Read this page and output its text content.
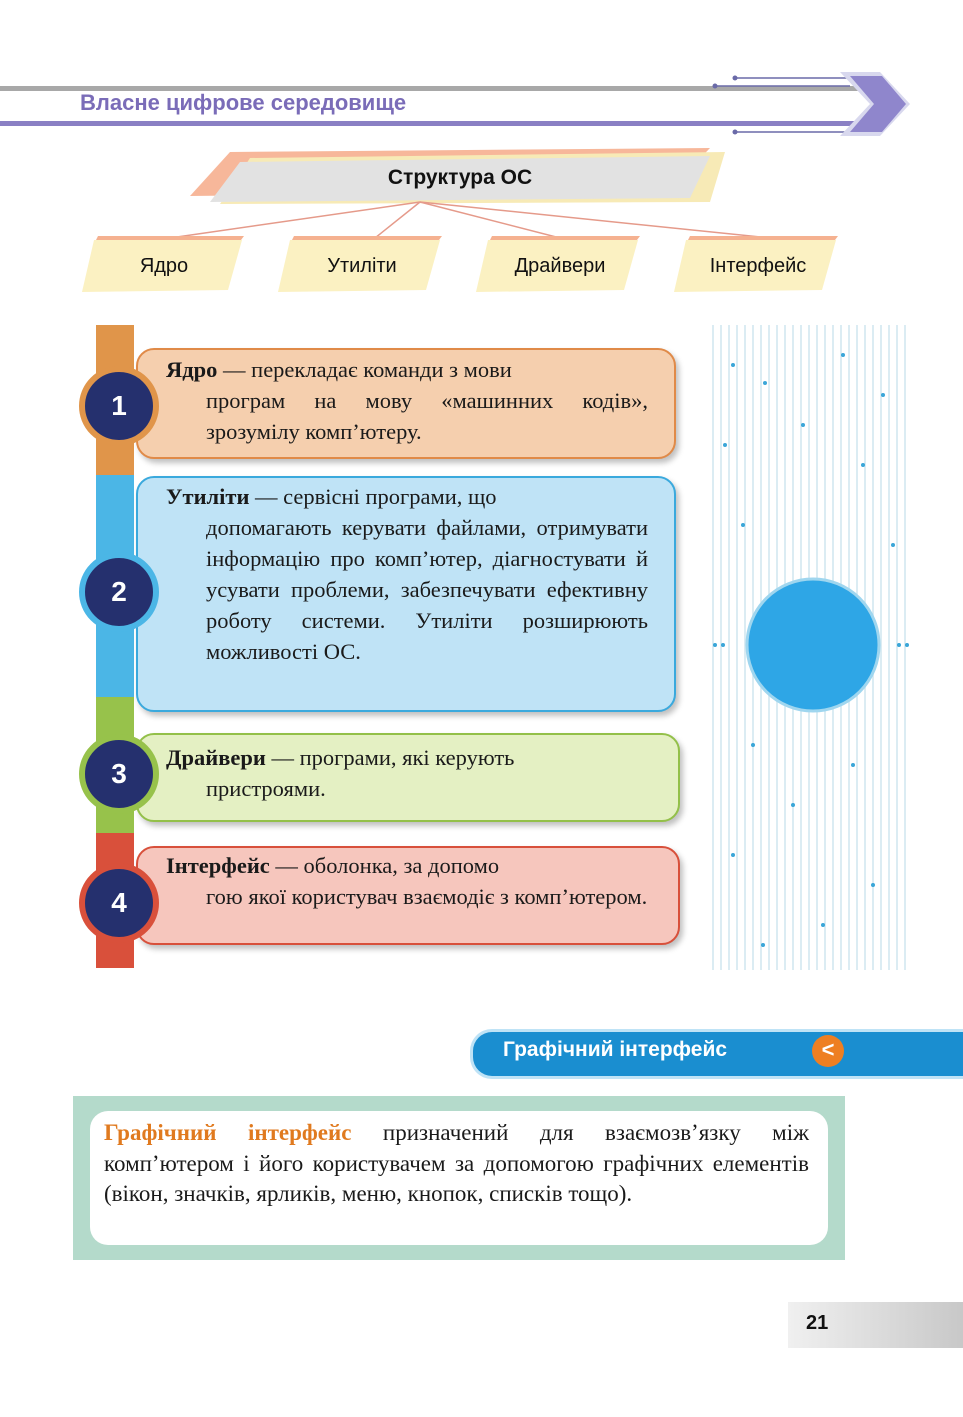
Власне цифрове середовище
Структура ОС
Ядро	Утиліти	Драйвери	Інтерфейс
1
Ядро — перекладає команди з мови
програм на мову «машинних кодів», зрозумілу комп’ютеру.
2
Утиліти — сервісні програми, що
допомагають керувати файлами, отримувати інформацію про комп’ютер, діагностувати й усувати проблеми, забезпечувати ефективну роботу системи. Утиліти розширюють можливості ОС.
3
Драйвери — програми, які керують
пристроями.
4
Інтерфейс — оболонка, за допомо
гою якої користувач взаємодіє з комп’ютером.
Графічний інтерфейс	<
Графічний інтерфейс призначений для взаємозв’язку між комп’ютером і його користувачем за допомогою графічних елементів (вікон, значків, ярликів, меню, кнопок, списків тощо).
21
